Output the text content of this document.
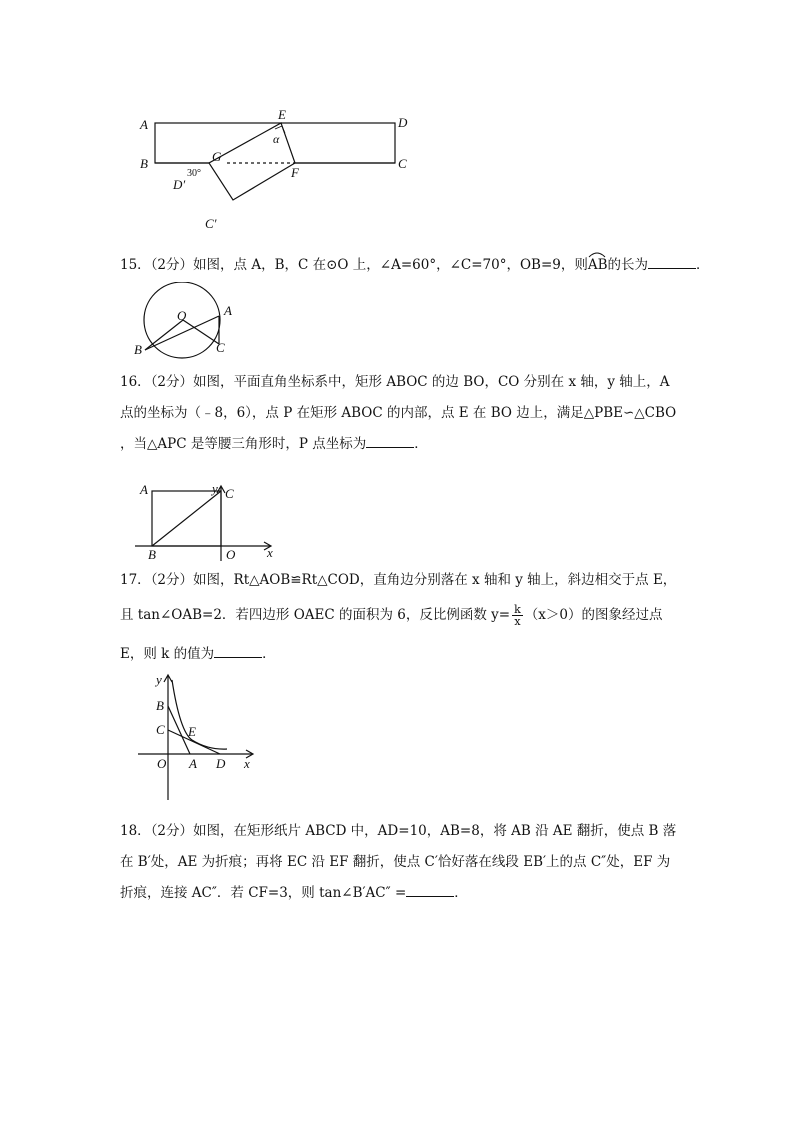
A
B
D
C
E
F
G
D′
C′
α
30°
15．（2分）如图，点 A，B，C 在⊙O 上，∠A=60°，∠C=70°，OB=9，则
AB的长为	．
O	A
B	C
16．（2分）如图，平面直角坐标系中，矩形 ABOC 的边 BO，CO 分别在 x 轴，y 轴上，A
点的坐标为（﹣8，6），点 P 在矩形 ABOC 的内部，点 E 在 BO 边上，满足△PBE∽△CBO
，当△APC 是等腰三角形时，P 点坐标为	．
y
x
A
B
C
O
17．（2分）如图，Rt△AOB≌Rt△COD，直角边分别落在 x 轴和 y 轴上，斜边相交于点 E，
且 tan∠OAB=2．若四边形 OAEC 的面积为 6，反比例函数 $y= \frac{k}{x} (x>0)$的图象经过点
E，则 k 的值为	．
y
x
B
C E
O A D
18．（2分）如图，在矩形纸片 ABCD 中，AD=10，AB=8，将 AB 沿 AE 翻折，使点 B 落
在 B′处，AE 为折痕；再将 EC 沿 EF 翻折，使点 C′恰好落在线段 EB′上的点 C″处，EF 为
折痕，连接 AC″．若 CF=3，则 tan∠B′AC″ =	．
